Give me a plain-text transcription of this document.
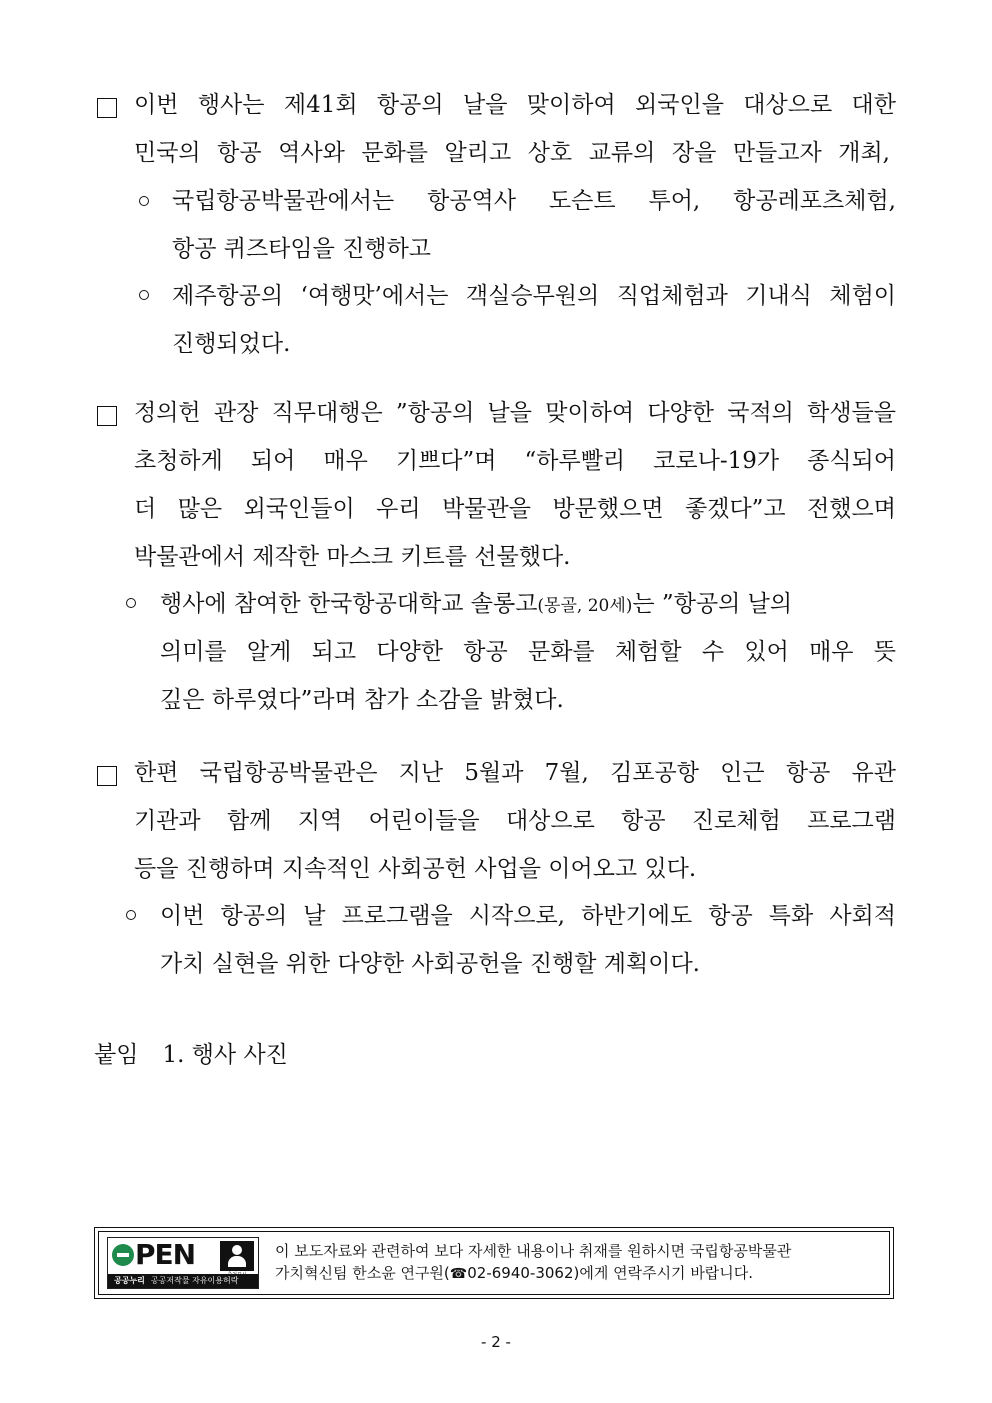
이번 행사는 제41회 항공의 날을 맞이하여 외국인을 대상으로 대한
민국의 항공 역사와 문화를 알리고 상호 교류의 장을 만들고자 개최,
국립항공박물관에서는 항공역사 도슨트 투어, 항공레포츠체험,
항공 퀴즈타임을 진행하고
제주항공의 ‘여행맛’에서는 객실승무원의 직업체험과 기내식 체험이
진행되었다.
정의헌 관장 직무대행은 ”항공의 날을 맞이하여 다양한 국적의 학생들을
초청하게 되어 매우 기쁘다”며 “하루빨리 코로나-19가 종식되어
더 많은 외국인들이 우리 박물관을 방문했으면 좋겠다”고 전했으며
박물관에서 제작한 마스크 키트를 선물했다.
행사에 참여한 한국항공대학교 솔롱고(몽골, 20세)는 ”항공의 날의
의미를 알게 되고 다양한 항공 문화를 체험할 수 있어 매우 뜻
깊은 하루였다”라며 참가 소감을 밝혔다.
한편 국립항공박물관은 지난 5월과 7월, 김포공항 인근 항공 유관
기관과 함께 지역 어린이들을 대상으로 항공 진로체험 프로그램
등을 진행하며 지속적인 사회공헌 사업을 이어오고 있다.
이번 항공의 날 프로그램을 시작으로, 하반기에도 항공 특화 사회적
가치 실현을 위한 다양한 사회공헌을 진행할 계획이다.
붙임 1. 행사 사진
PEN
공공누리 공공저작물 자유이용허락
이 보도자료와 관련하여 보다 자세한 내용이나 취재를 원하시면 국립항공박물관
가치혁신팀 한소윤 연구원(☎02-6940-3062)에게 연락주시기 바랍니다.
- 2 -
